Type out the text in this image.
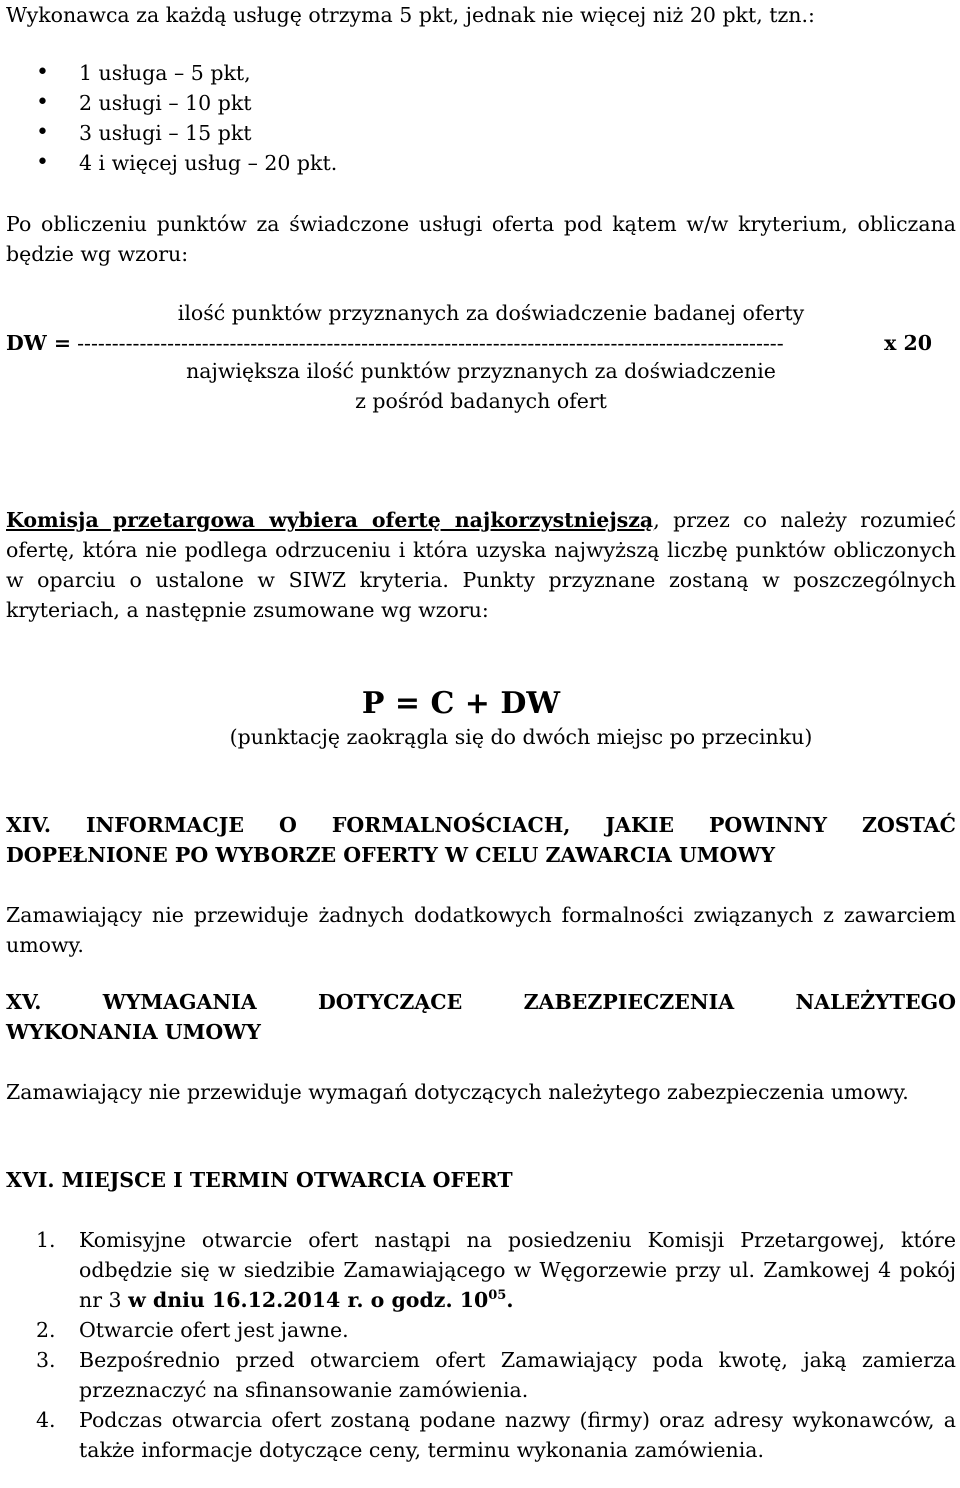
Wykonawca za każdą usługę otrzyma 5 pkt, jednak nie więcej niż 20 pkt, tzn.:

• 1 usługa – 5 pkt,
• 2 usługi – 10 pkt
• 3 usługi – 15 pkt
• 4 i więcej usług – 20 pkt.

Po obliczeniu punktów za świadczone usługi oferta pod kątem w/w kryterium, obliczana będzie wg wzoru:

ilość punktów przyznanych za doświadczenie badanej oferty

DW = ------------------------------------------------------------------------------------------------------	x 20

największa ilość punktów przyznanych za doświadczenie

z pośród badanych ofert

Komisja przetargowa wybiera ofertę najkorzystniejszą, przez co należy rozumieć ofertę, która nie podlega odrzuceniu i która uzyska najwyższą liczbę punktów obliczonych w oparciu o ustalone w SIWZ kryteria. Punkty przyznane zostaną w poszczególnych kryteriach, a następnie zsumowane wg wzoru:

P = C + DW

(punktację zaokrągla się do dwóch miejsc po przecinku)

XIV. INFORMACJE O FORMALNOŚCIACH, JAKIE POWINNY ZOSTAĆ

DOPEŁNIONE PO WYBORZE OFERTY W CELU ZAWARCIA UMOWY

Zamawiający nie przewiduje żadnych dodatkowych formalności związanych z zawarciem umowy.

XV. WYMAGANIA DOTYCZĄCE ZABEZPIECZENIA NALEŻYTEGO

WYKONANIA UMOWY

Zamawiający nie przewiduje wymagań dotyczących należytego zabezpieczenia umowy.

XVI. MIEJSCE I TERMIN OTWARCIA OFERT

1. Komisyjne otwarcie ofert nastąpi na posiedzeniu Komisji Przetargowej, które odbędzie się w siedzibie Zamawiającego w Węgorzewie przy ul. Zamkowej 4 pokój nr 3 w dniu 16.12.2014 r. o godz. $10^{05}$.
2. Otwarcie ofert jest jawne.
3. Bezpośrednio przed otwarciem ofert Zamawiający poda kwotę, jaką zamierza przeznaczyć na sfinansowanie zamówienia.
4. Podczas otwarcia ofert zostaną podane nazwy (firmy) oraz adresy wykonawców, a także informacje dotyczące ceny, terminu wykonania zamówienia.
